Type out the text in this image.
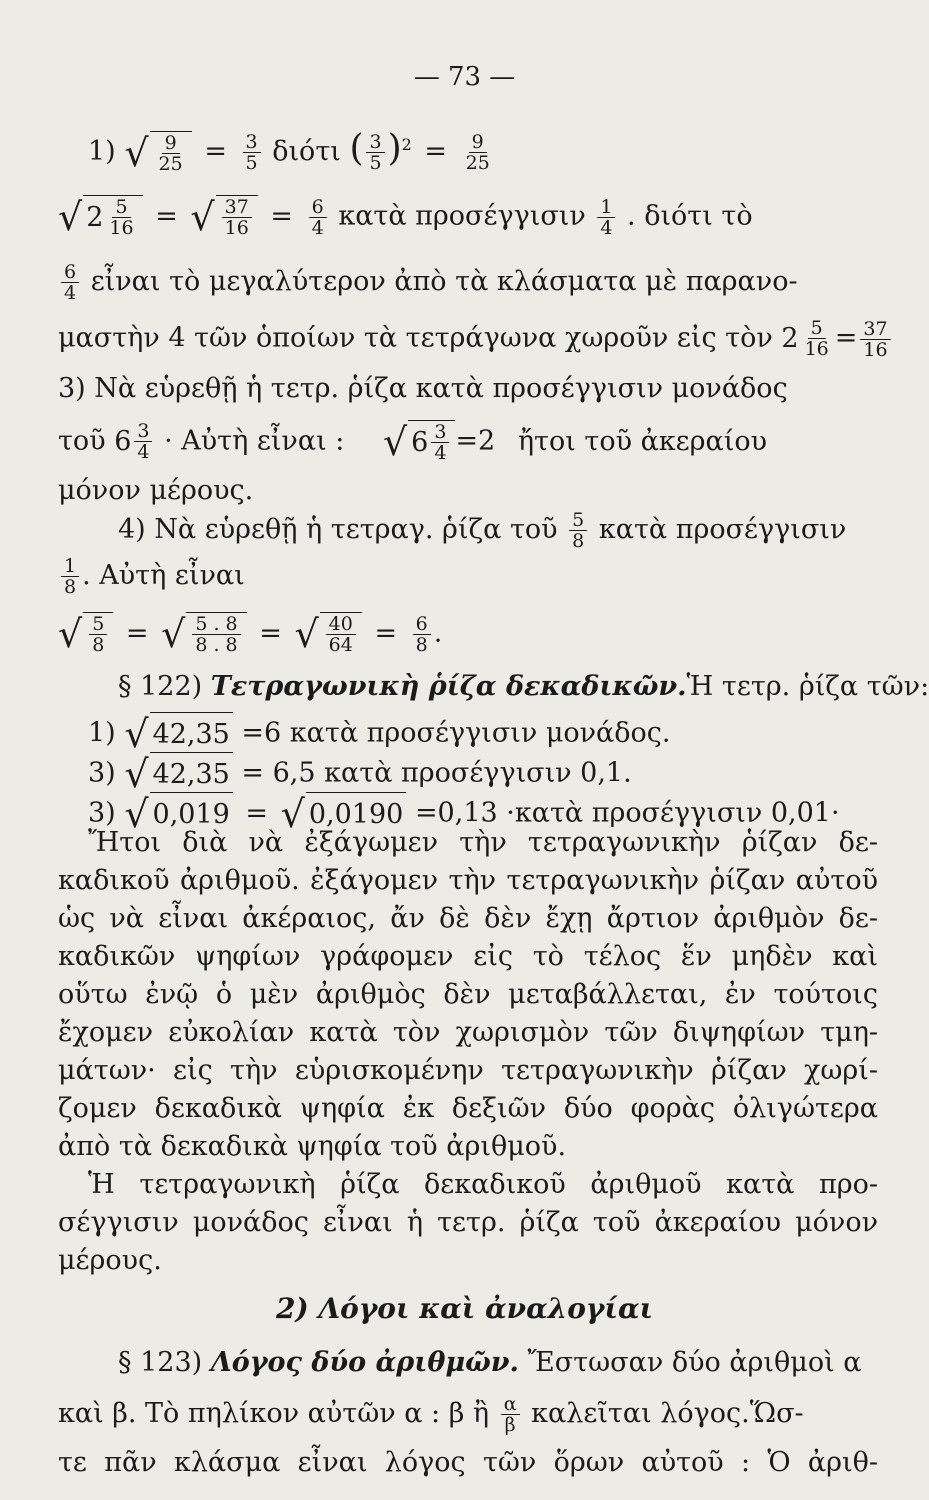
— 73 —
1) √ $\frac{9}{25} = \frac{3}{5}$ διότι ( $\frac{3}{5} )^2 = \frac{9}{25}$
√ $2 \frac{5}{16}$ = √ $\frac{37}{16} = \frac{6}{4}$ κατὰ προσέγγισιν $\frac{1}{4}$ . διότι τὸ
$\frac{6}{4}$ εἶναι τὸ μεγαλύτερον ἀπὸ τὰ κλάσματα μὲ παρανο-
μαστὴν 4 τῶν ὁποίων τὰ τετράγωνα χωροῦν εἰς τὸν $2 \frac{5}{16} = \frac{37}{16}$
3) Νὰ εὑρεθῇ ἡ τετρ. ῥίζα κατὰ προσέγγισιν μονάδος
τοῦ $6 \frac{3}{4}$ · Αὐτὴ εἶναι : √ $6 \frac{3}{4} =2$ ἤτοι τοῦ ἀκεραίου
μόνον μέρους.
4) Νὰ εὑρεθῇ ἡ τετραγ. ῥίζα τοῦ $\frac{5}{8}$ κατὰ προσέγγισιν
$\frac{1}{8}$ . Αὐτὴ εἶναι
√ $\frac{5}{8}$ = √ $\frac{5 . 8}{8 . 8}$ = √ $\frac{40}{64} = \frac{6}{8}$ .
§ 122) Τετραγωνικὴ ῥίζα δεκαδικῶν.Ἡ τετρ. ῥίζα τῶν:
1) √ 42,35 =6 κατὰ προσέγγισιν μονάδος.
3) √ 42,35 = 6,5 κατὰ προσέγγισιν 0,1.
3) √ 0,019 = √ 0,0190 =0,13 ·κατὰ προσέγγισιν 0,01·
Ἤτοι διὰ νὰ ἐξάγωμεν τὴν τετραγωνικὴν ῥίζαν δε-
καδικοῦ ἀριθμοῦ. ἐξάγομεν τὴν τετραγωνικὴν ῥίζαν αὐτοῦ
ὡς νὰ εἶναι ἀκέραιος, ἄν δὲ δὲν ἔχῃ ἄρτιον ἀριθμὸν δε-
καδικῶν ψηφίων γράφομεν εἰς τὸ τέλος ἕν μηδὲν καὶ
οὕτω ἐνῷ ὁ μὲν ἀριθμὸς δὲν μεταβάλλεται, ἐν τούτοις
ἔχομεν εὐκολίαν κατὰ τὸν χωρισμὸν τῶν διψηφίων τμη-
μάτων· εἰς τὴν εὑρισκομένην τετραγωνικὴν ῥίζαν χωρί-
ζομεν δεκαδικὰ ψηφία ἐκ δεξιῶν δύο φορὰς ὀλιγώτερα
ἀπὸ τὰ δεκαδικὰ ψηφία τοῦ ἀριθμοῦ.
Ἡ τετραγωνικὴ ῥίζα δεκαδικοῦ ἀριθμοῦ κατὰ προ-
σέγγισιν μονάδος εἶναι ἡ τετρ. ῥίζα τοῦ ἀκεραίου μόνον
μέρους.
2) Λόγοι καὶ ἀναλογίαι
§ 123) Λόγος δύο ἀριθμῶν. Ἔστωσαν δύο ἀριθμοὶ α
καὶ β. Τὸ πηλίκον αὐτῶν α : β ἢ $\frac{\alpha}{\beta}$ καλεῖται λόγος.Ὥσ-
τε πᾶν κλάσμα εἶναι λόγος τῶν ὅρων αὐτοῦ : Ὁ ἀριθ-
